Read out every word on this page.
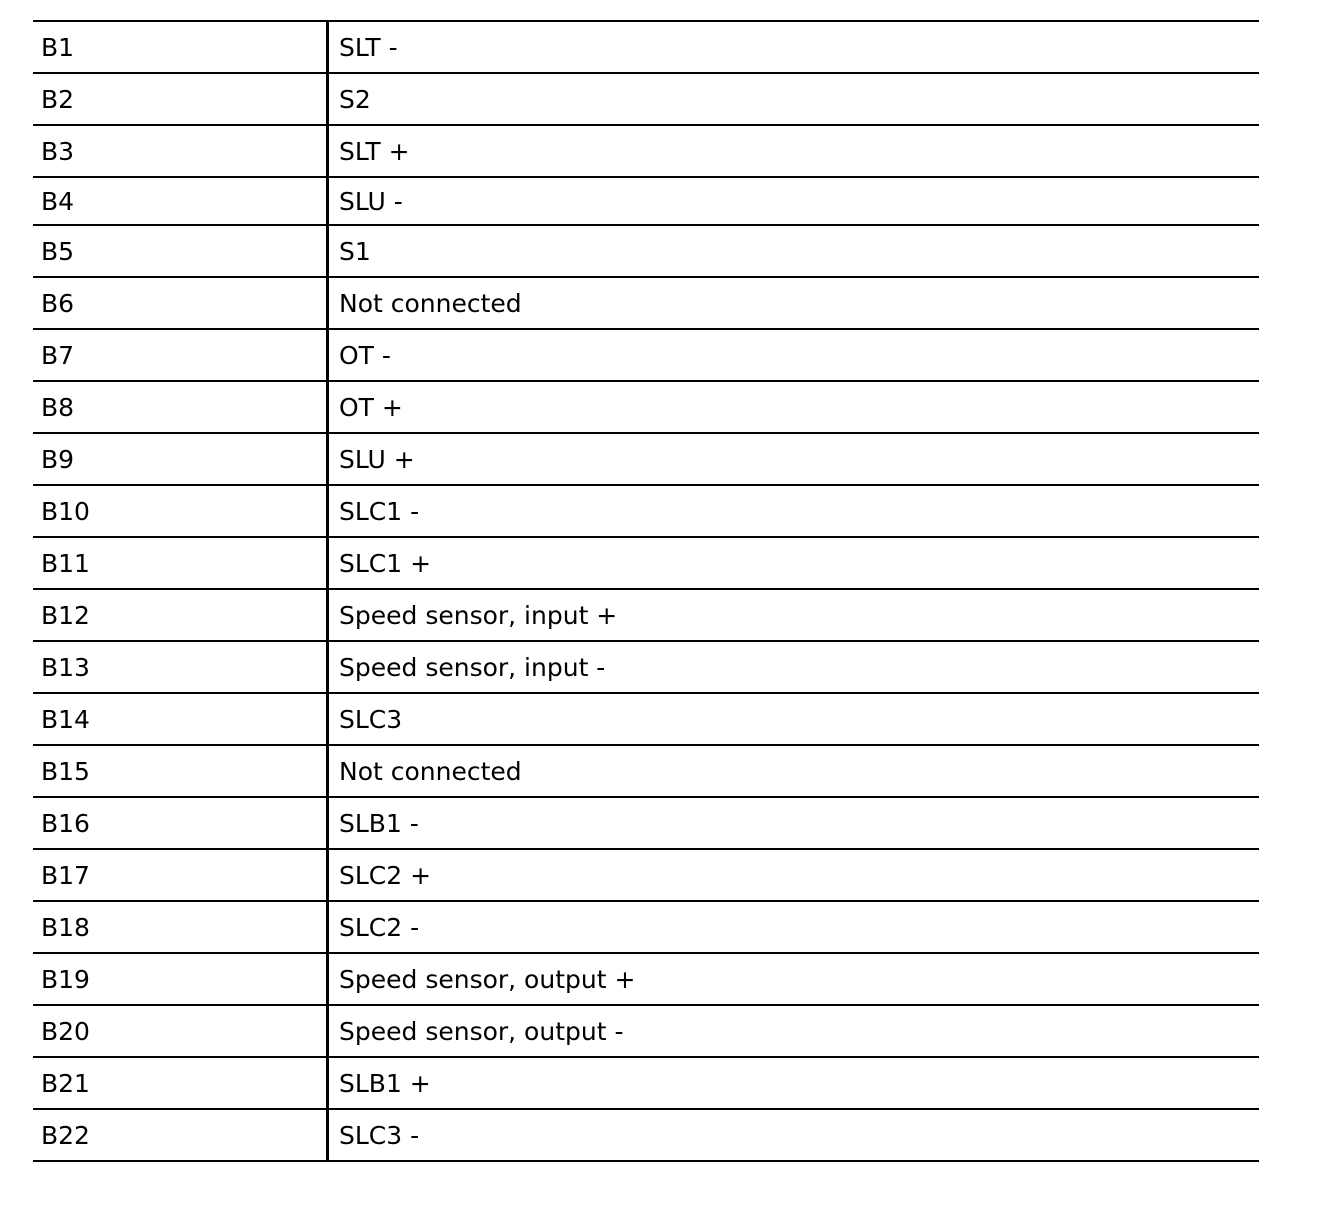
B1	SLT -
B2	S2
B3	SLT +
B4	SLU -
B5	S1
B6	Not connected
B7	OT -
B8	OT +
B9	SLU +
B10	SLC1 -
B11	SLC1 +
B12	Speed sensor, input +
B13	Speed sensor, input -
B14	SLC3
B15	Not connected
B16	SLB1 -
B17	SLC2 +
B18	SLC2 -
B19	Speed sensor, output +
B20	Speed sensor, output -
B21	SLB1 +
B22	SLC3 -
